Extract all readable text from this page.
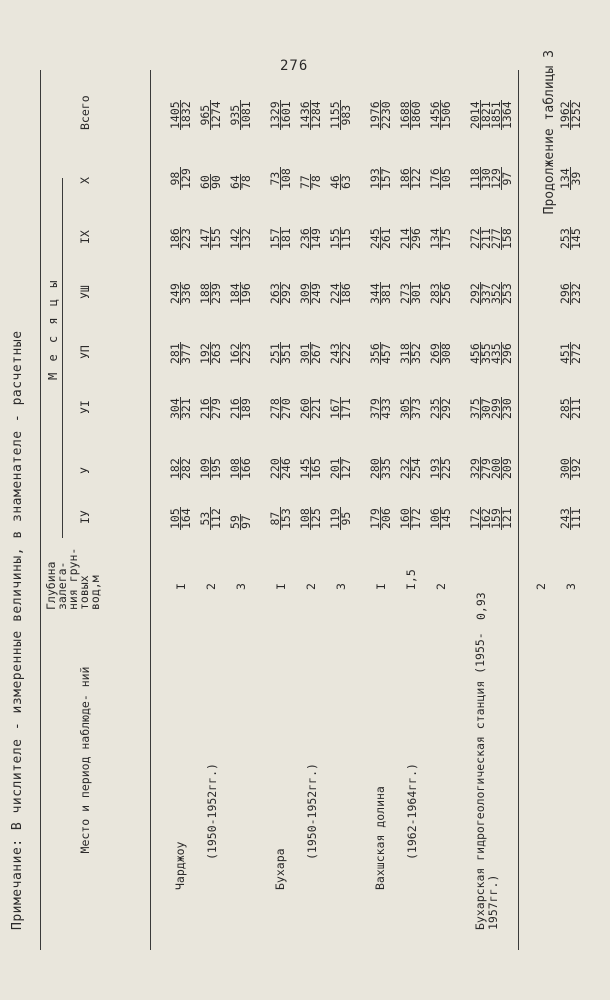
276	Продолжение таблицы 3
Место и период наблюде- ний
Глубина залега- ния грун- товых вод,м
М е с я ц ы
Всего
IУ
У
УI
УП
УШ
IX
X
Чарджоу
(1950-1952гг.)
I
105
164
182
282
304
321
281
377
249
336
186
223
98
129
1405
1832
2
53
112
109
195
216
279
192
263
188
239
147
155
60
90
965
1274
3
59
97
108
166
216
189
162
223
184
196
142
132
64
78
935
1081
Бухара
(1950-1952гг.)
I
87
153
220
246
278
270
251
351
263
292
157
181
73
108
1329
1601
2
108
125
145
165
260
221
301
267
309
249
236
149
77
78
1436
1284
3
119
95
201
127
167
171
243
222
224
186
155
115
46
63
1155
983
Вахшская долина (1962-1964гг.)
I
179
206
280
335
379
433
356
457
344
381
245
261
193
157
1976
2230
I,5
160
172
232
254
305
373
318
352
273
301
214
296
186
122
1688
1860
2
106
145
193
225
235
292
269
308
283
256
134
175
176
105
1456
1506
Бухарская гидрогеологическая станция (1955-1957гг.)
0,93
172
162
159
121
329
279
200
209
375
307
299
230
456
355
435
296
292
337
352
253
272
211
277
158
118
130
129
97
2014
1821
1851
1364
2 3
243
111
300
192
285
211
451
272
296
232
253
145
134
39
1962
1252
Примечание: В числителе - измеренные величины, в знаменателе - расчетные
